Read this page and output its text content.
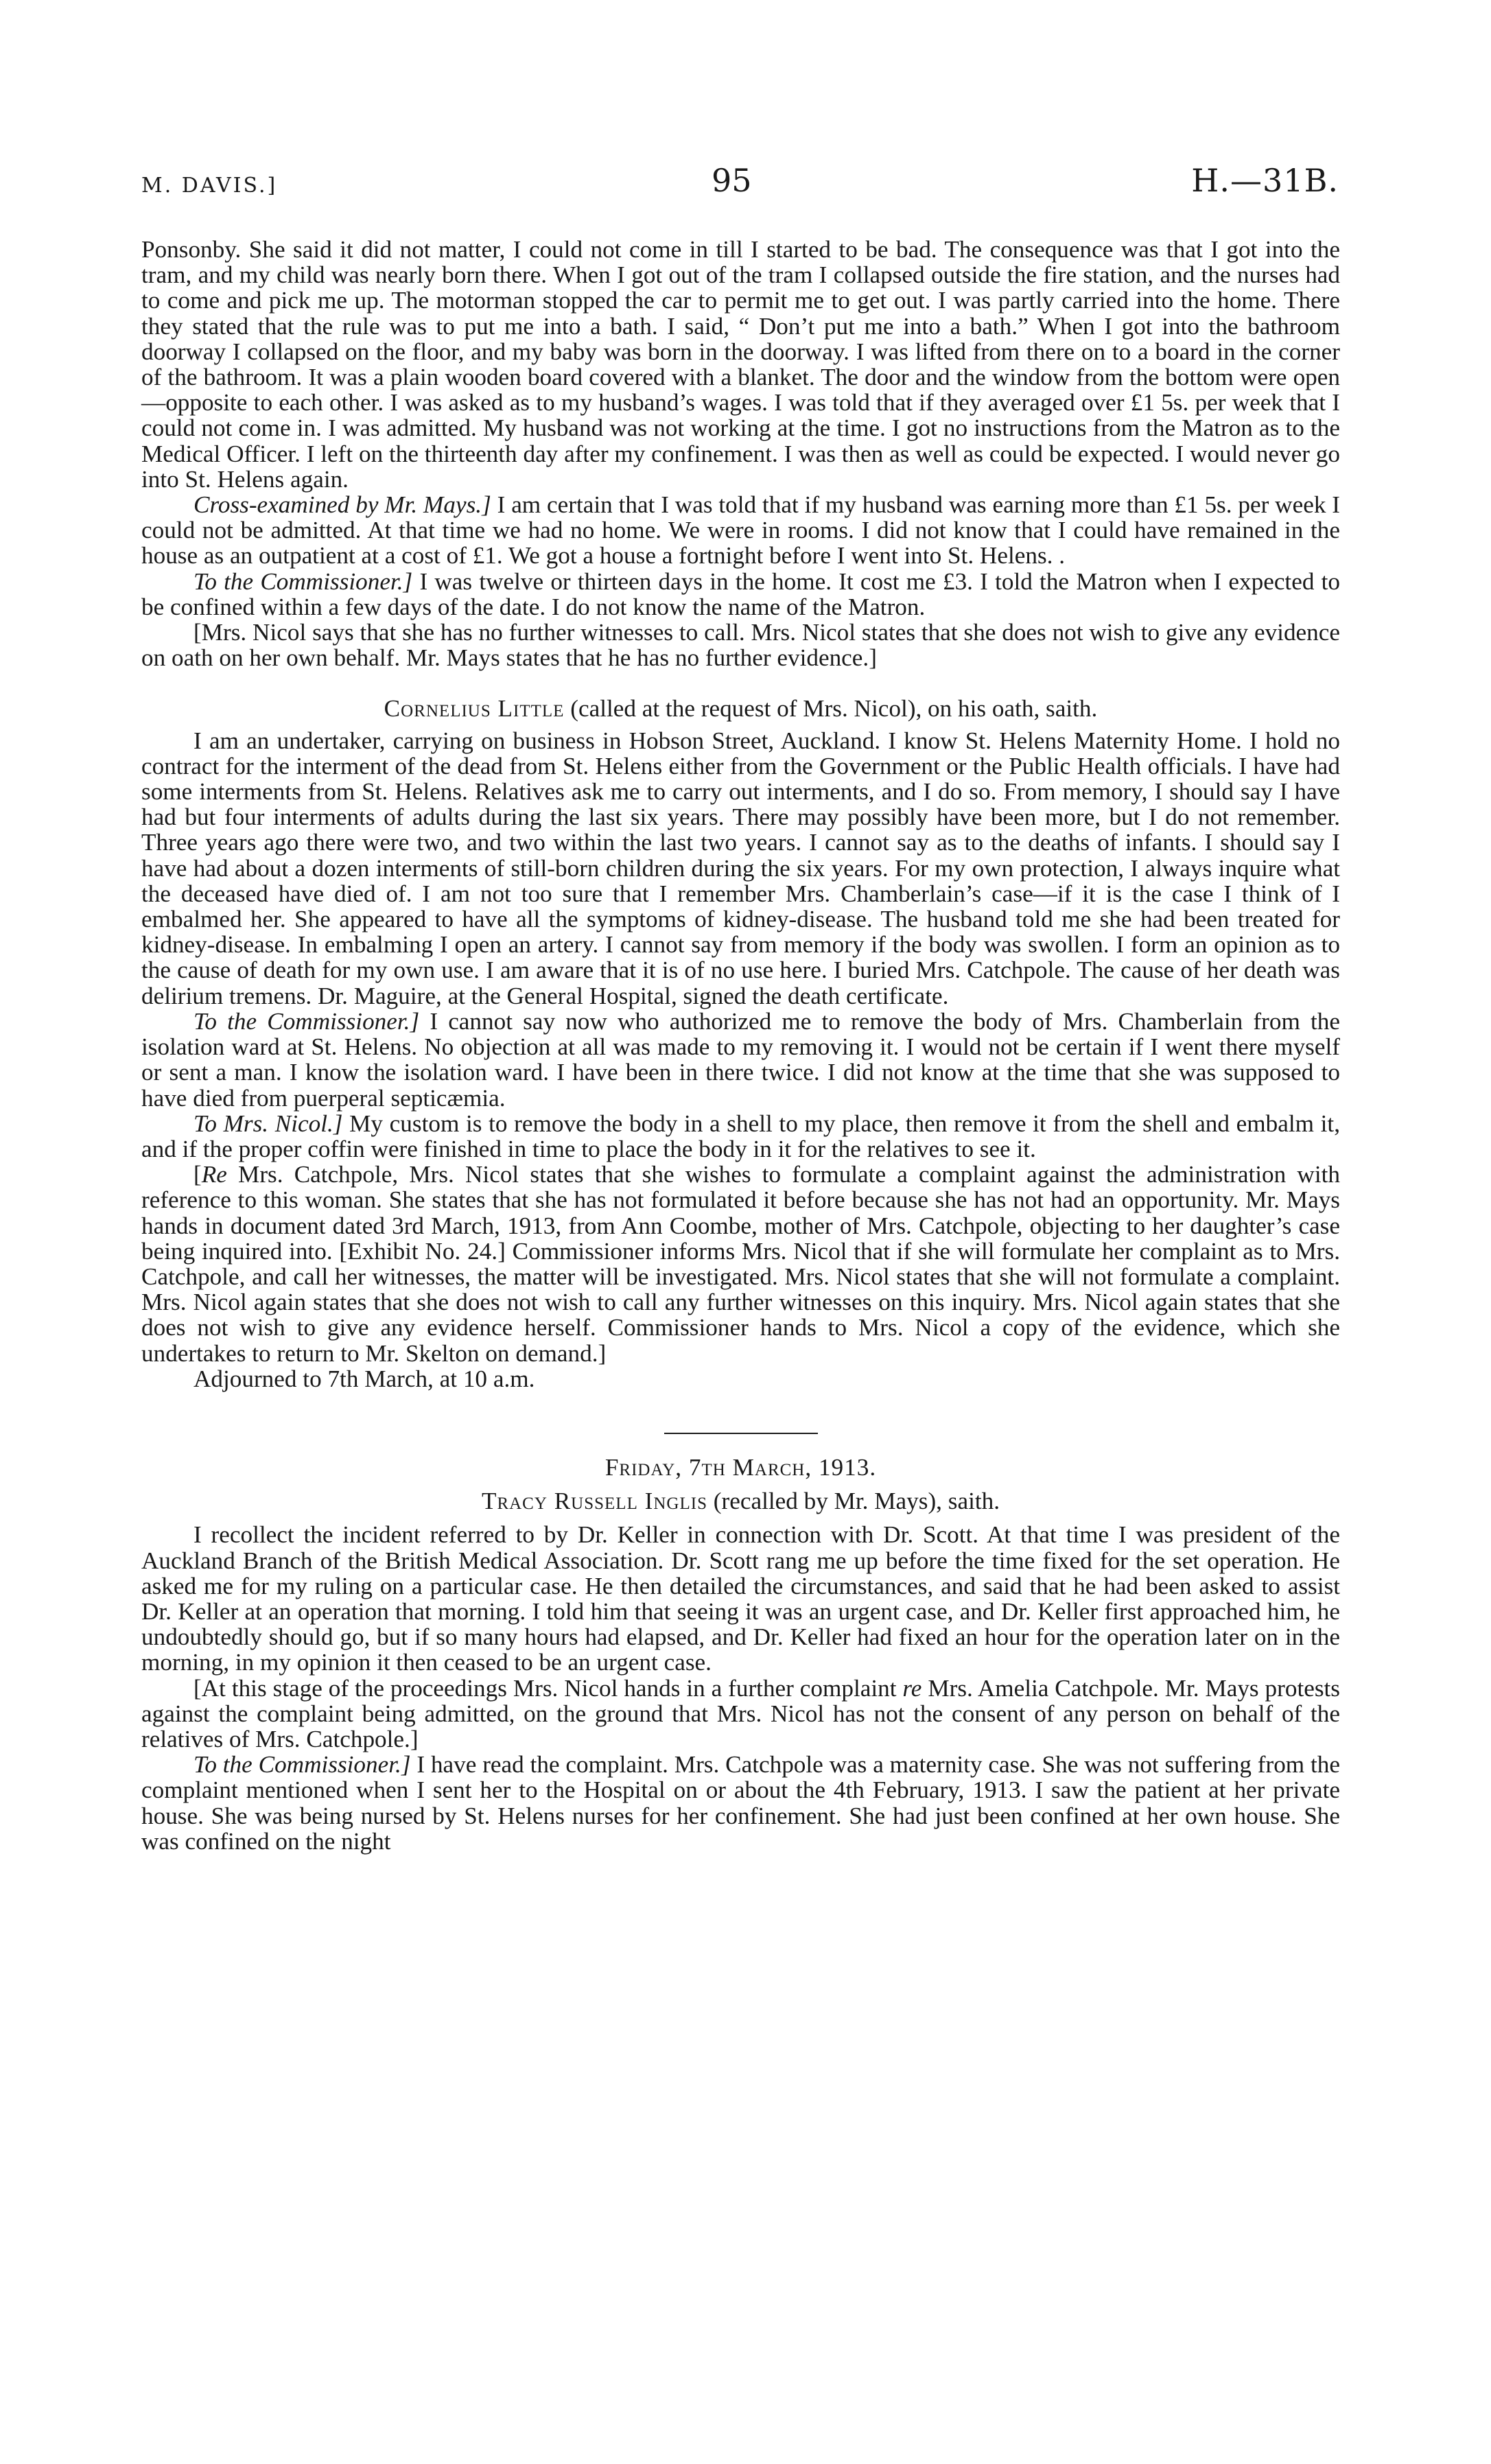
M. DAVIS.]	95	H.—31B.

Ponsonby. She said it did not matter, I could not come in till I started to be bad. The consequence was that I got into the tram, and my child was nearly born there. When I got out of the tram I collapsed outside the fire station, and the nurses had to come and pick me up. The motorman stopped the car to permit me to get out. I was partly carried into the home. There they stated that the rule was to put me into a bath. I said, “ Don’t put me into a bath.” When I got into the bathroom doorway I collapsed on the floor, and my baby was born in the doorway. I was lifted from there on to a board in the corner of the bathroom. It was a plain wooden board covered with a blanket. The door and the window from the bottom were open—opposite to each other. I was asked as to my husband’s wages. I was told that if they averaged over £1 5s. per week that I could not come in. I was admitted. My husband was not working at the time. I got no instructions from the Matron as to the Medical Officer. I left on the thirteenth day after my confinement. I was then as well as could be expected. I would never go into St. Helens again.

Cross-examined by Mr. Mays.] I am certain that I was told that if my husband was earning more than £1 5s. per week I could not be admitted. At that time we had no home. We were in rooms. I did not know that I could have remained in the house as an outpatient at a cost of £1. We got a house a fortnight before I went into St. Helens. .

To the Commissioner.] I was twelve or thirteen days in the home. It cost me £3. I told the Matron when I expected to be confined within a few days of the date. I do not know the name of the Matron.

[Mrs. Nicol says that she has no further witnesses to call. Mrs. Nicol states that she does not wish to give any evidence on oath on her own behalf. Mr. Mays states that he has no further evidence.]

Cornelius Little (called at the request of Mrs. Nicol), on his oath, saith.

I am an undertaker, carrying on business in Hobson Street, Auckland. I know St. Helens Maternity Home. I hold no contract for the interment of the dead from St. Helens either from the Government or the Public Health officials. I have had some interments from St. Helens. Relatives ask me to carry out interments, and I do so. From memory, I should say I have had but four interments of adults during the last six years. There may possibly have been more, but I do not remember. Three years ago there were two, and two within the last two years. I cannot say as to the deaths of infants. I should say I have had about a dozen interments of still-born children during the six years. For my own protection, I always inquire what the deceased have died of. I am not too sure that I remember Mrs. Chamberlain’s case—if it is the case I think of I embalmed her. She appeared to have all the symptoms of kidney-disease. The husband told me she had been treated for kidney-disease. In embalming I open an artery. I cannot say from memory if the body was swollen. I form an opinion as to the cause of death for my own use. I am aware that it is of no use here. I buried Mrs. Catchpole. The cause of her death was delirium tremens. Dr. Maguire, at the General Hospital, signed the death certificate.

To the Commissioner.] I cannot say now who authorized me to remove the body of Mrs. Chamberlain from the isolation ward at St. Helens. No objection at all was made to my removing it. I would not be certain if I went there myself or sent a man. I know the isolation ward. I have been in there twice. I did not know at the time that she was supposed to have died from puerperal septicæmia.

To Mrs. Nicol.] My custom is to remove the body in a shell to my place, then remove it from the shell and embalm it, and if the proper coffin were finished in time to place the body in it for the relatives to see it.

[Re Mrs. Catchpole, Mrs. Nicol states that she wishes to formulate a complaint against the administration with reference to this woman. She states that she has not formulated it before because she has not had an opportunity. Mr. Mays hands in document dated 3rd March, 1913, from Ann Coombe, mother of Mrs. Catchpole, objecting to her daughter’s case being inquired into. [Exhibit No. 24.] Commissioner informs Mrs. Nicol that if she will formulate her complaint as to Mrs. Catchpole, and call her witnesses, the matter will be investigated. Mrs. Nicol states that she will not formulate a complaint. Mrs. Nicol again states that she does not wish to call any further witnesses on this inquiry. Mrs. Nicol again states that she does not wish to give any evidence herself. Commissioner hands to Mrs. Nicol a copy of the evidence, which she undertakes to return to Mr. Skelton on demand.]

Adjourned to 7th March, at 10 a.m.

Friday, 7th March, 1913.

Tracy Russell Inglis (recalled by Mr. Mays), saith.

I recollect the incident referred to by Dr. Keller in connection with Dr. Scott. At that time I was president of the Auckland Branch of the British Medical Association. Dr. Scott rang me up before the time fixed for the set operation. He asked me for my ruling on a particular case. He then detailed the circumstances, and said that he had been asked to assist Dr. Keller at an operation that morning. I told him that seeing it was an urgent case, and Dr. Keller first approached him, he undoubtedly should go, but if so many hours had elapsed, and Dr. Keller had fixed an hour for the operation later on in the morning, in my opinion it then ceased to be an urgent case.

[At this stage of the proceedings Mrs. Nicol hands in a further complaint re Mrs. Amelia Catchpole. Mr. Mays protests against the complaint being admitted, on the ground that Mrs. Nicol has not the consent of any person on behalf of the relatives of Mrs. Catchpole.]

To the Commissioner.] I have read the complaint. Mrs. Catchpole was a maternity case. She was not suffering from the complaint mentioned when I sent her to the Hospital on or about the 4th February, 1913. I saw the patient at her private house. She was being nursed by St. Helens nurses for her confinement. She had just been confined at her own house. She was confined on the night
